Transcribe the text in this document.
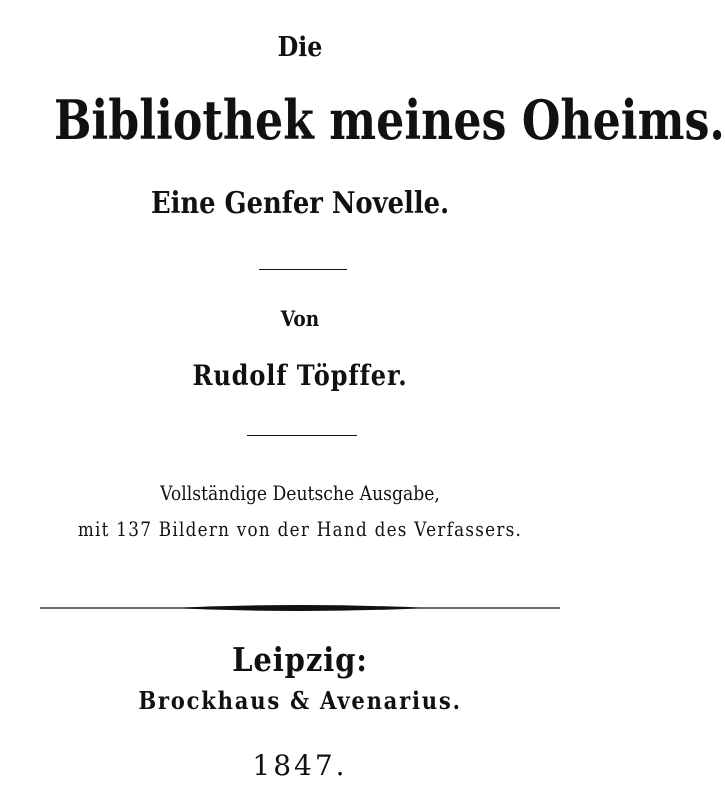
Die
Bibliothek meines Oheims.
Eine Genfer Novelle.
Von
Rudolf Töpffer.
Vollständige Deutsche Ausgabe,
mit 137 Bildern von der Hand des Verfassers.
Leipzig:
Brockhaus & Avenarius.
1847.
